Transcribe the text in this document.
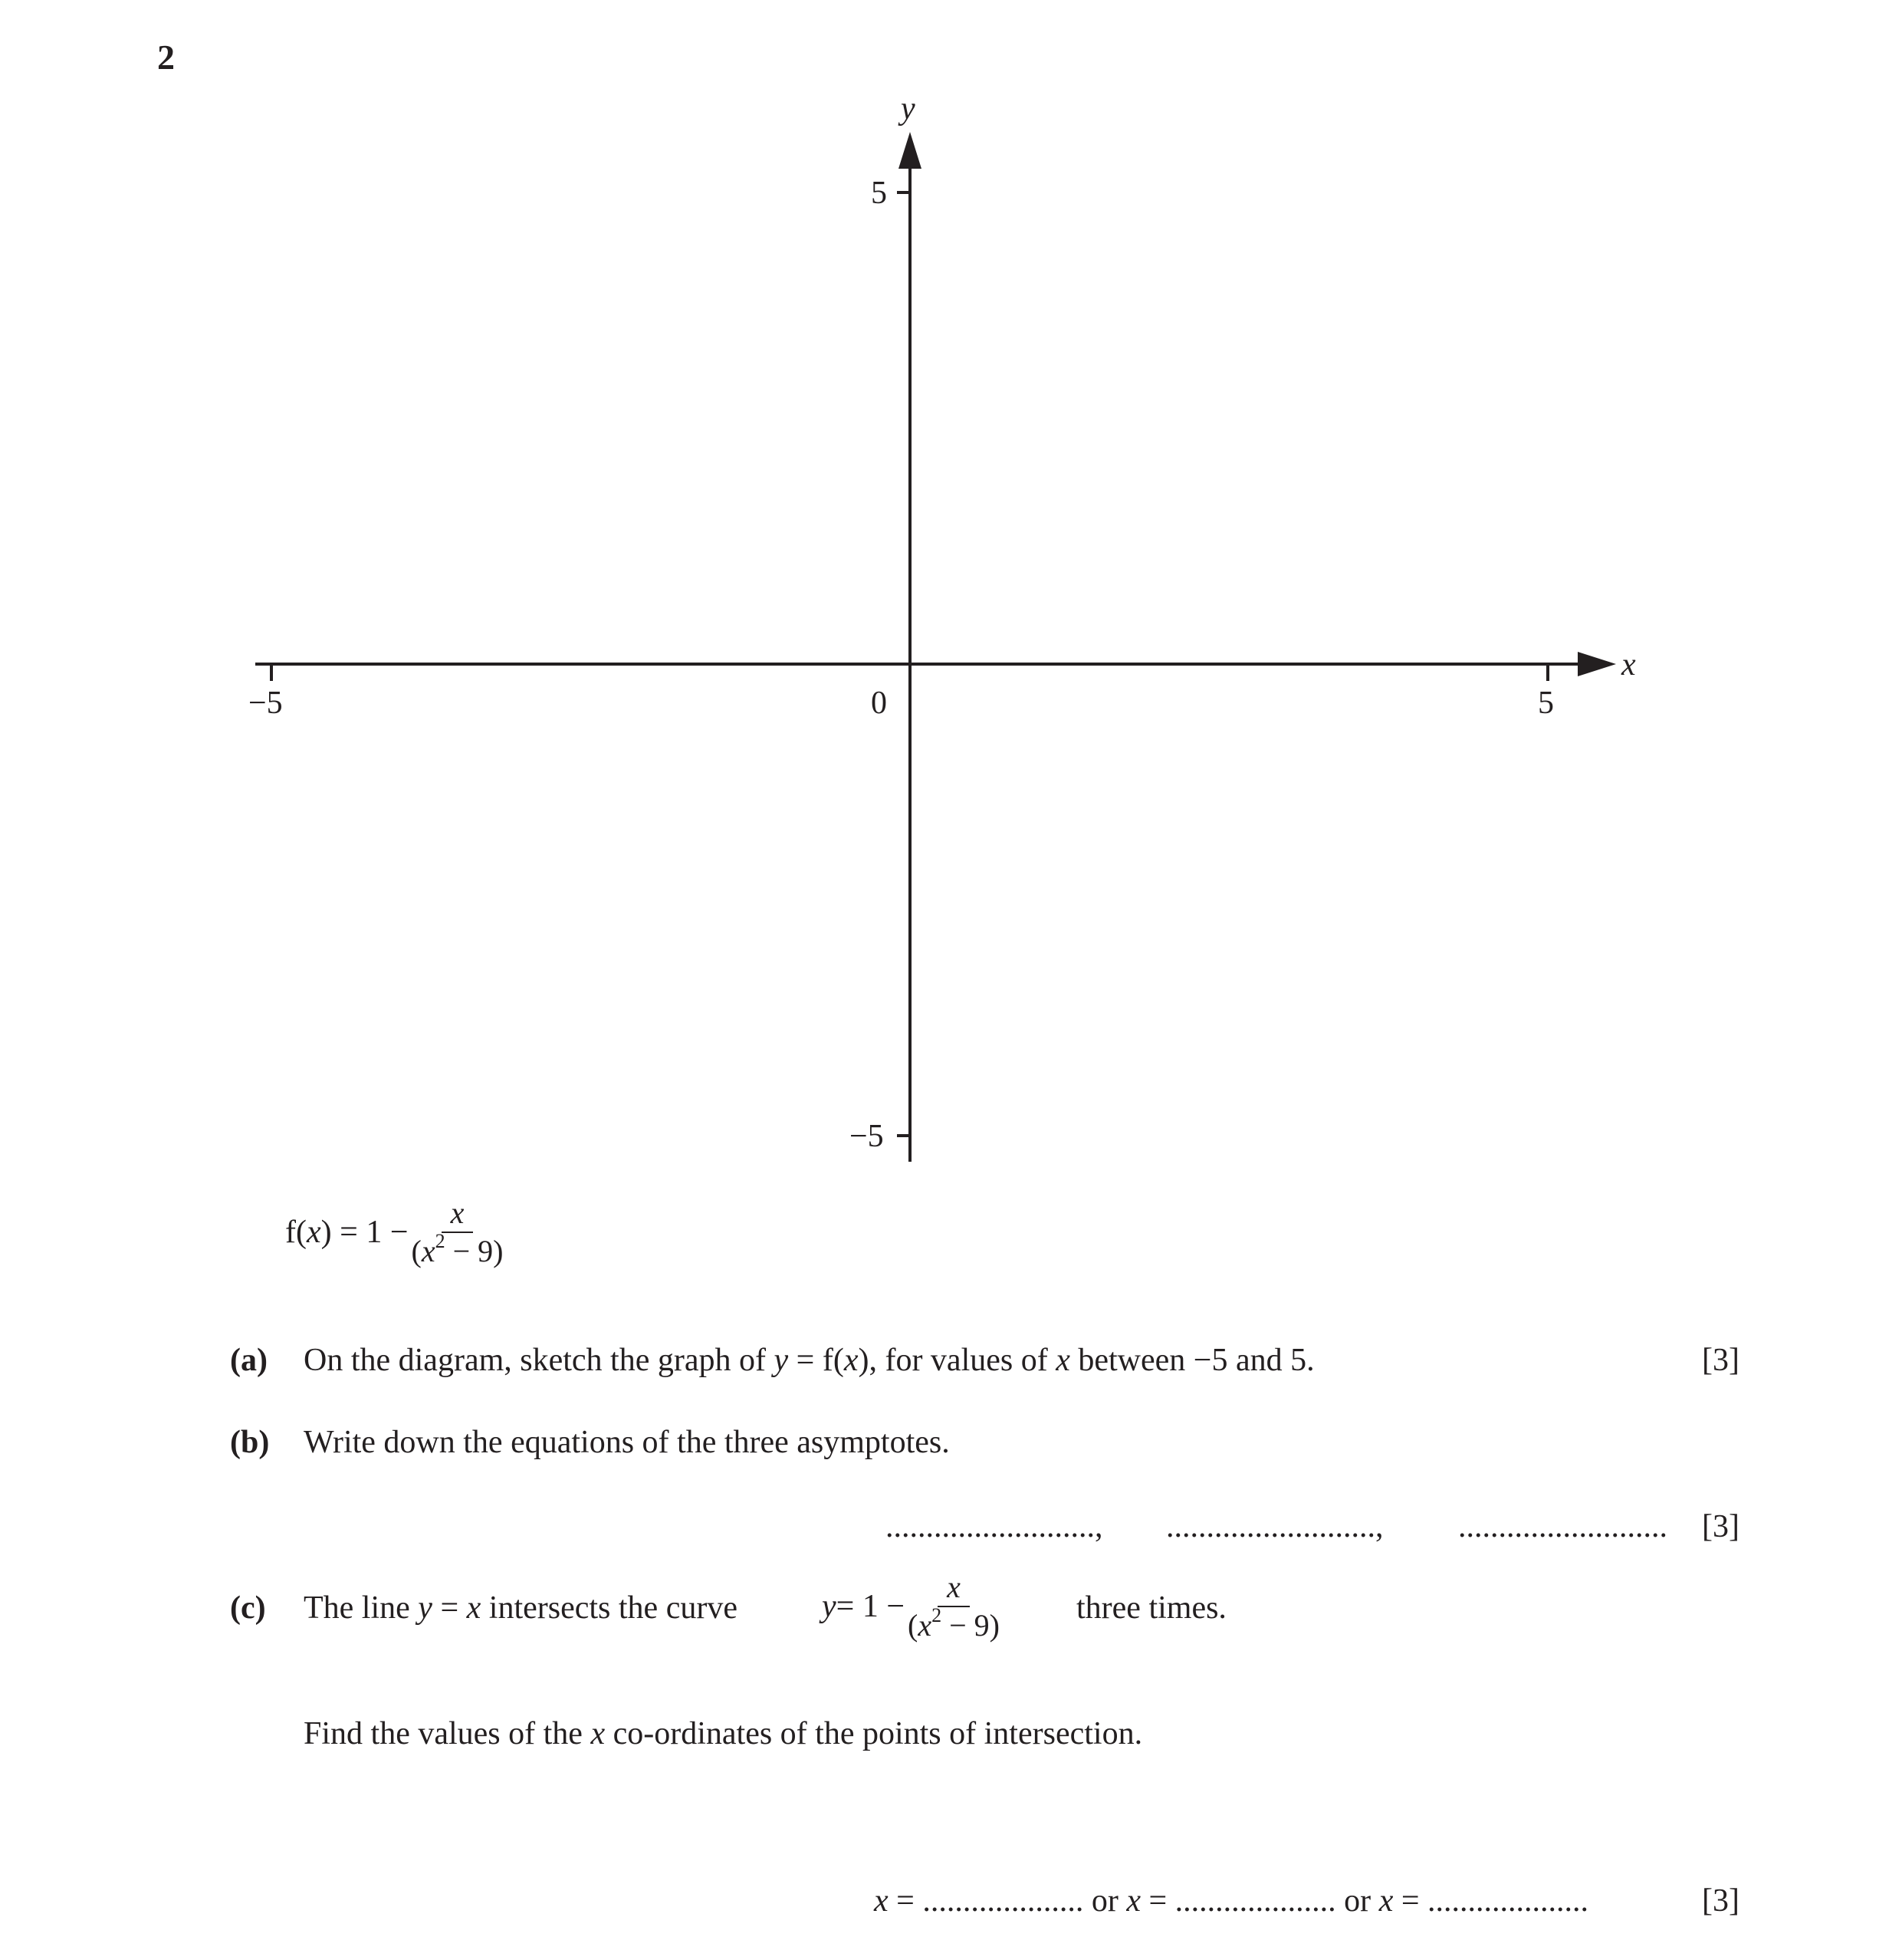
2
y
x
0
−5	5
5
−5
f( x ) = $1 - \frac{x}{(x^2 - 9)}$
(a) On the diagram, sketch the graph of y = f(x), for values of x between −5 and 5.	[3]
(b) Write down the equations of the three asymptotes.
.........................., .........................., .......................... [3]
(c) The line y = x intersects the curve	$y = 1 - \frac{x}{(x^2 - 9)}$ three times.
Find the values of the x co-ordinates of the points of intersection.
x = .................... or x = .................... or x = ....................	[3]
